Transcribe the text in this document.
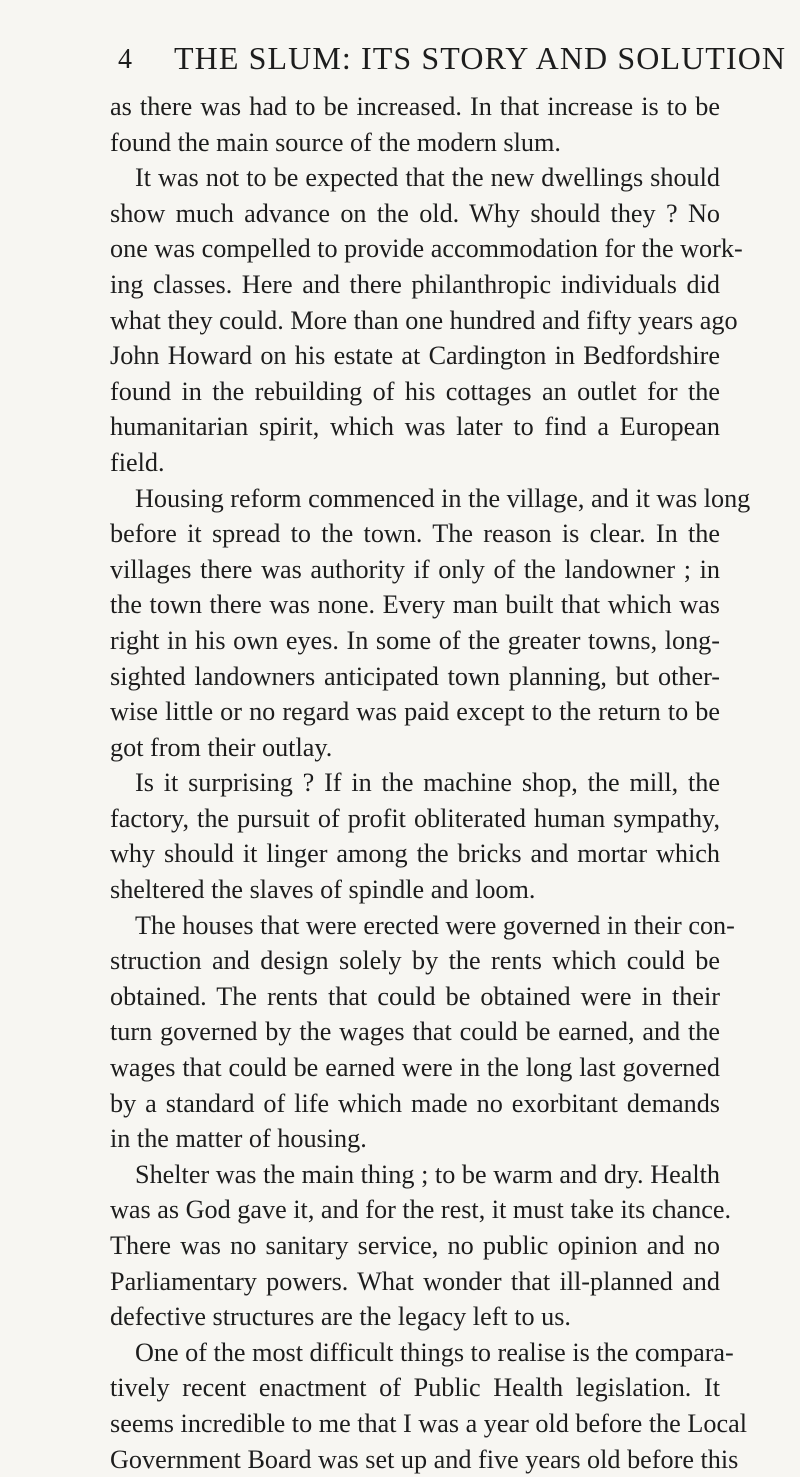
4 THE SLUM: ITS STORY AND SOLUTION
as there was had to be increased. In that increase is to be
found the main source of the modern slum.
It was not to be expected that the new dwellings should
show much advance on the old. Why should they ? No
one was compelled to provide accommodation for the work-
ing classes. Here and there philanthropic individuals did
what they could. More than one hundred and fifty years ago
John Howard on his estate at Cardington in Bedfordshire
found in the rebuilding of his cottages an outlet for the
humanitarian spirit, which was later to find a European
field.
Housing reform commenced in the village, and it was long
before it spread to the town. The reason is clear. In the
villages there was authority if only of the landowner ; in
the town there was none. Every man built that which was
right in his own eyes. In some of the greater towns, long-
sighted landowners anticipated town planning, but other-
wise little or no regard was paid except to the return to be
got from their outlay.
Is it surprising ? If in the machine shop, the mill, the
factory, the pursuit of profit obliterated human sympathy,
why should it linger among the bricks and mortar which
sheltered the slaves of spindle and loom.
The houses that were erected were governed in their con-
struction and design solely by the rents which could be
obtained. The rents that could be obtained were in their
turn governed by the wages that could be earned, and the
wages that could be earned were in the long last governed
by a standard of life which made no exorbitant demands
in the matter of housing.
Shelter was the main thing ; to be warm and dry. Health
was as God gave it, and for the rest, it must take its chance.
There was no sanitary service, no public opinion and no
Parliamentary powers. What wonder that ill-planned and
defective structures are the legacy left to us.
One of the most difficult things to realise is the compara-
tively recent enactment of Public Health legislation. It
seems incredible to me that I was a year old before the Local
Government Board was set up and five years old before this
